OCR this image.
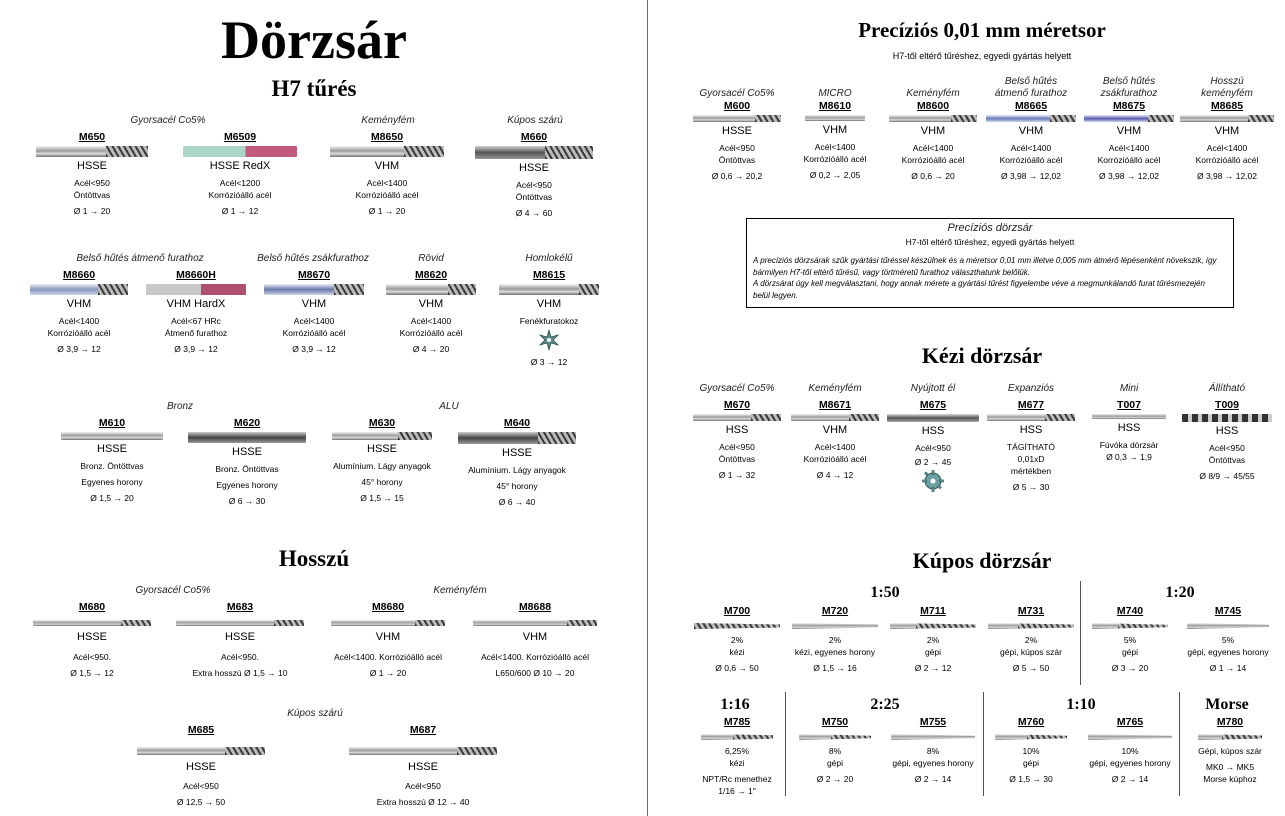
Dörzsár
H7 tűrés
Gyorsacél Co5%	Keményfém	Kúpos szárú
M650
HSSE
Acél<950
Öntöttvas
Ø 1 → 20
M6509
HSSE RedX
Acél<1200
Korrózióálló acél
Ø 1 → 12
M8650
VHM
Acél<1400
Korrózióálló acél
Ø 1 → 20
M660
HSSE
Acél<950
Öntöttvas
Ø 4 → 60
Belső hűtés átmenő furathoz	Belső hűtés zsákfurathoz	Rövid	Homlokélű
M8660
VHM
Acél<1400
Korrózióálló acél
Ø 3,9 → 12
M8660H
VHM HardX
Acél<67 HRc
Átmenő furathoz
Ø 3,9 → 12
M8670
VHM
Acél<1400
Korrózióálló acél
Ø 3,9 → 12
M8620
VHM
Acél<1400
Korrózióálló acél
Ø 4 → 20
M8615
VHM
Fenékfuratokoz
Ø 3 → 12
Bronz	ALU
M610
HSSE
Bronz. Öntöttvas
Egyenes horony
Ø 1,5 → 20
M620
HSSE
Bronz. Öntöttvas
Egyenes horony
Ø 6 → 30
M630
HSSE
Alumínium. Lágy anyagok
45° horony
Ø 1,5 → 15
M640
HSSE
Alumínium. Lágy anyagok
45° horony
Ø 6 → 40
Hosszú
Gyorsacél Co5%	Keményfém
M680
HSSE
Acél<950.
Ø 1,5 → 12
M683
HSSE
Acél<950.
Extra hosszú Ø 1,5 → 10
M8680
VHM
Acél<1400. Korrózióálló acél
Ø 1 → 20
M8688
VHM
Acél<1400. Korrózióálló acél
L650/600 Ø 10 → 20
Kúpos szárú
M685
HSSE
Acél<950
Ø 12,5 → 50
M687
HSSE
Acél<950
Extra hosszú Ø 12 → 40
Precíziós 0,01 mm méretsor
H7-től eltérő tűréshez, egyedi gyártás helyett
Gyorsacél Co5%
M600
HSSE
Acél<950
Öntöttvas
Ø 0,6 → 20,2
MICRO
M8610
VHM
Acél<1400
Korrózióálló acél
Ø 0,2 → 2,05
Keményfém
M8600
VHM
Acél<1400
Korrózióálló acél
Ø 0,6 → 20
Belső hűtés
átmenő furathoz
M8665
VHM
Acél<1400
Korrózióálló acél
Ø 3,98 → 12,02
Belső hűtés
zsákfurathoz
M8675
VHM
Acél<1400
Korrózióálló acél
Ø 3,98 → 12,02
Hosszú
keményfém
M8685
VHM
Acél<1400
Korrózióálló acél
Ø 3,98 → 12,02
Precíziós dörzsár
H7-től eltérő tűréshez, egyedi gyártás helyett
A precíziós dörzsárak szűk gyártási tűréssel készülnek és a méretsor 0,01 mm illetve 0,005 mm átmérő lépésenként növekszik, így bármilyen H7-től eltérő tűrésű, vagy törtméretű furathoz választhatunk belőlük.
A dörzsárat úgy kell megválasztani, hogy annak mérete a gyártási tűrést figyelembe véve a megmunkálandó furat tűrésmezején belül legyen.
Kézi dörzsár
Gyorsacél Co5%
M670
HSS
Acél<950
Öntöttvas
Ø 1 → 32
Keményfém
M8671
VHM
Acél<1400
Korrózióálló acél
Ø 4 → 12
Nyújtott él
M675
HSS
Acél<950
Ø 2 → 45
Expanziós
M677
HSS
TÁGÍTHATÓ
0,01xD
mértékben
Ø 5 → 30
Mini
T007
HSS
Fúvóka dörzsár
Ø 0,3 → 1,9
Állítható
T009
HSS
Acél<950
Öntöttvas
Ø 8/9 → 45/55
Kúpos dörzsár
1:50	1:20
M700
2%
kézi
Ø 0,6 → 50
M720
2%
kézi, egyenes horony
Ø 1,5 → 16
M711
2%
gépi
Ø 2 → 12
M731
2%
gépi, kúpos szár
Ø 5 → 50
M740
5%
gépi
Ø 3 → 20
M745
5%
gépi, egyenes horony
Ø 1 → 14
1:16	2:25	1:10	Morse
M785
6,25%
kézi
NPT/Rc menethez
1/16 → 1"
M750
8%
gépi
Ø 2 → 20
M755
8%
gépi, egyenes horony
Ø 2 → 14
M760
10%
gépi
Ø 1,5 → 30
M765
10%
gépi, egyenes horony
Ø 2 → 14
M780
Gépi, kúpos szár
MK0 → MK5
Morse kúphoz
